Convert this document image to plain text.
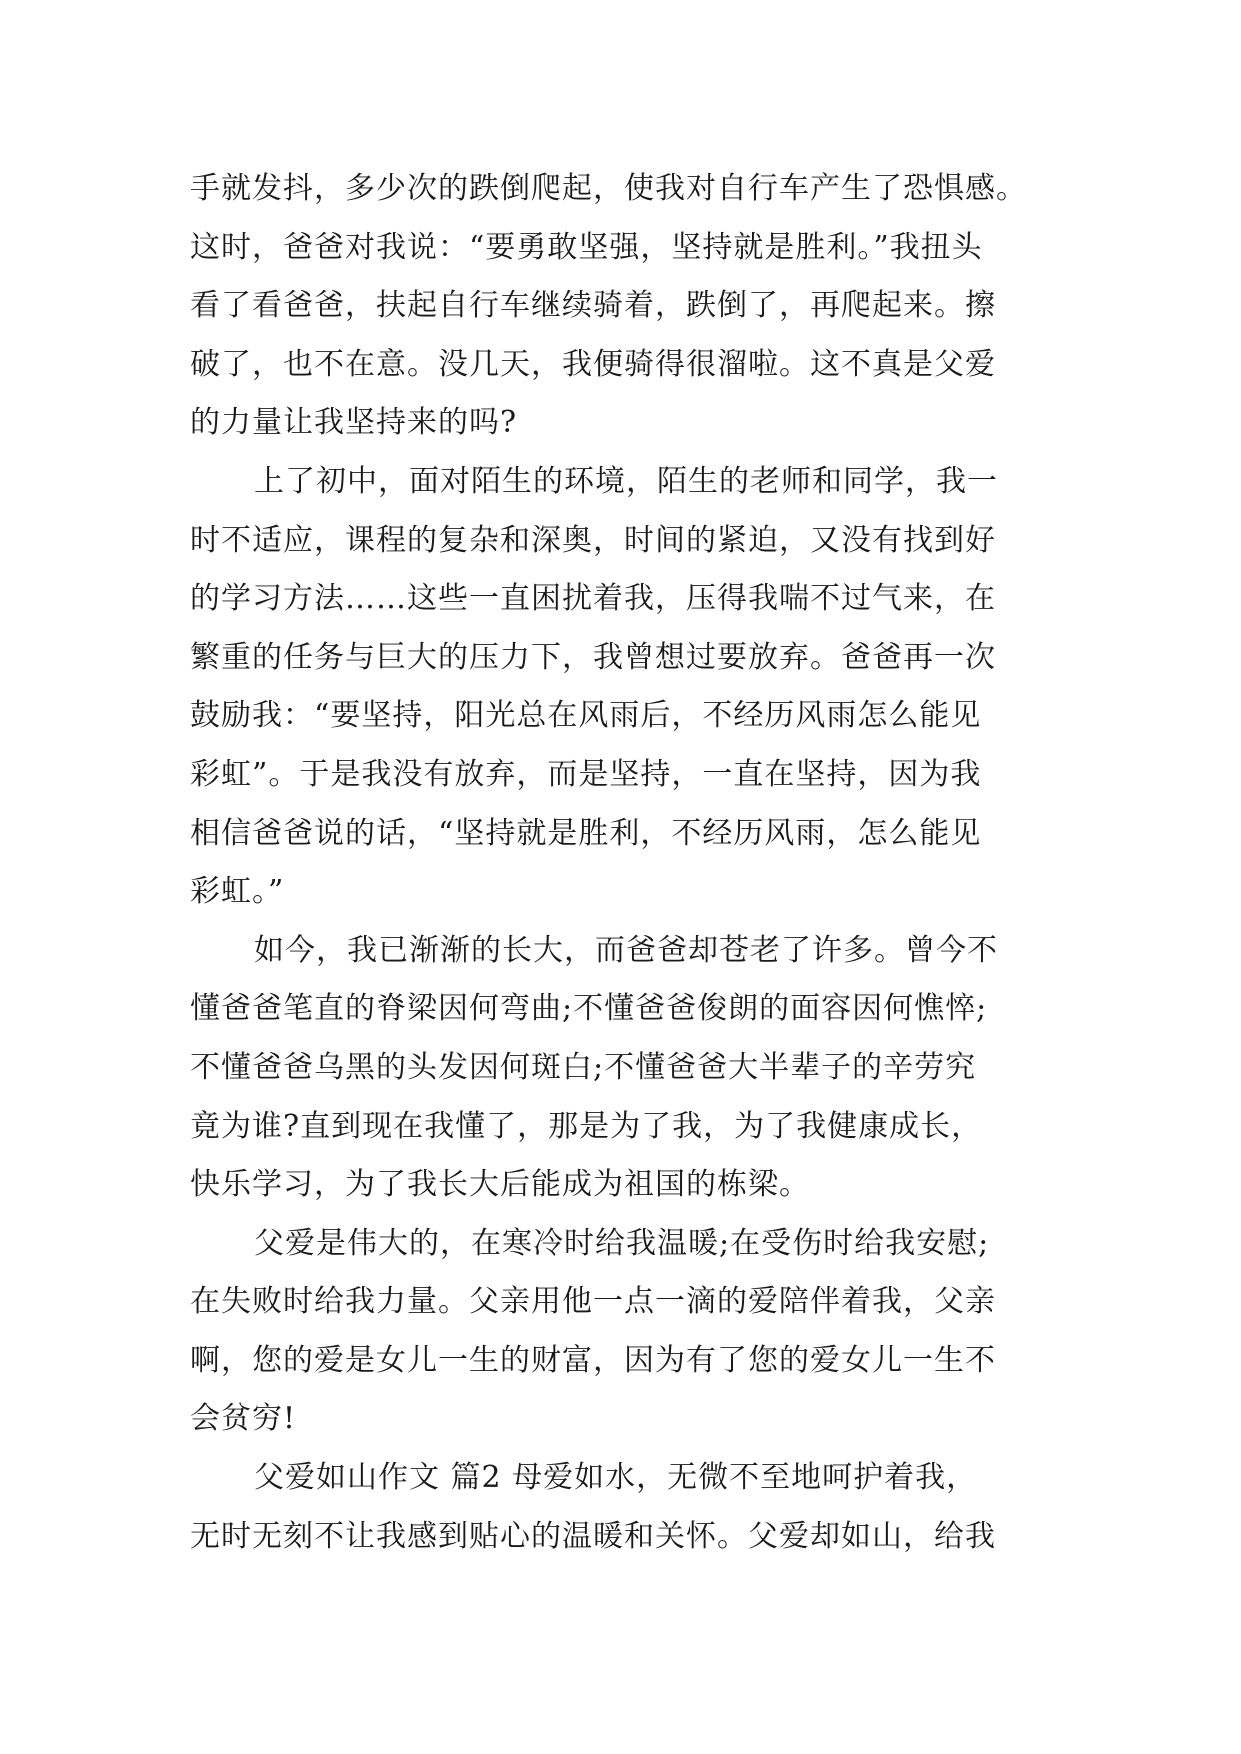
手就发抖，多少次的跌倒爬起，使我对自行车产生了恐惧感。
这时，爸爸对我说：“要勇敢坚强，坚持就是胜利。”我扭头
看了看爸爸，扶起自行车继续骑着，跌倒了，再爬起来。擦
破了，也不在意。没几天，我便骑得很溜啦。这不真是父爱
的力量让我坚持来的吗?
上了初中，面对陌生的环境，陌生的老师和同学，我一
时不适应，课程的复杂和深奥，时间的紧迫，又没有找到好
的学习方法……这些一直困扰着我，压得我喘不过气来，在
繁重的任务与巨大的压力下，我曾想过要放弃。爸爸再一次
鼓励我：“要坚持，阳光总在风雨后，不经历风雨怎么能见
彩虹”。于是我没有放弃，而是坚持，一直在坚持，因为我
相信爸爸说的话，“坚持就是胜利，不经历风雨，怎么能见
彩虹。”
如今，我已渐渐的长大，而爸爸却苍老了许多。曾今不
懂爸爸笔直的脊梁因何弯曲;不懂爸爸俊朗的面容因何憔悴;
不懂爸爸乌黑的头发因何斑白;不懂爸爸大半辈子的辛劳究
竟为谁?直到现在我懂了，那是为了我，为了我健康成长，
快乐学习，为了我长大后能成为祖国的栋梁。
父爱是伟大的，在寒冷时给我温暖;在受伤时给我安慰;
在失败时给我力量。父亲用他一点一滴的爱陪伴着我，父亲
啊，您的爱是女儿一生的财富，因为有了您的爱女儿一生不
会贫穷!
父爱如山作文 篇2 母爱如水，无微不至地呵护着我，
无时无刻不让我感到贴心的温暖和关怀。父爱却如山，给我
